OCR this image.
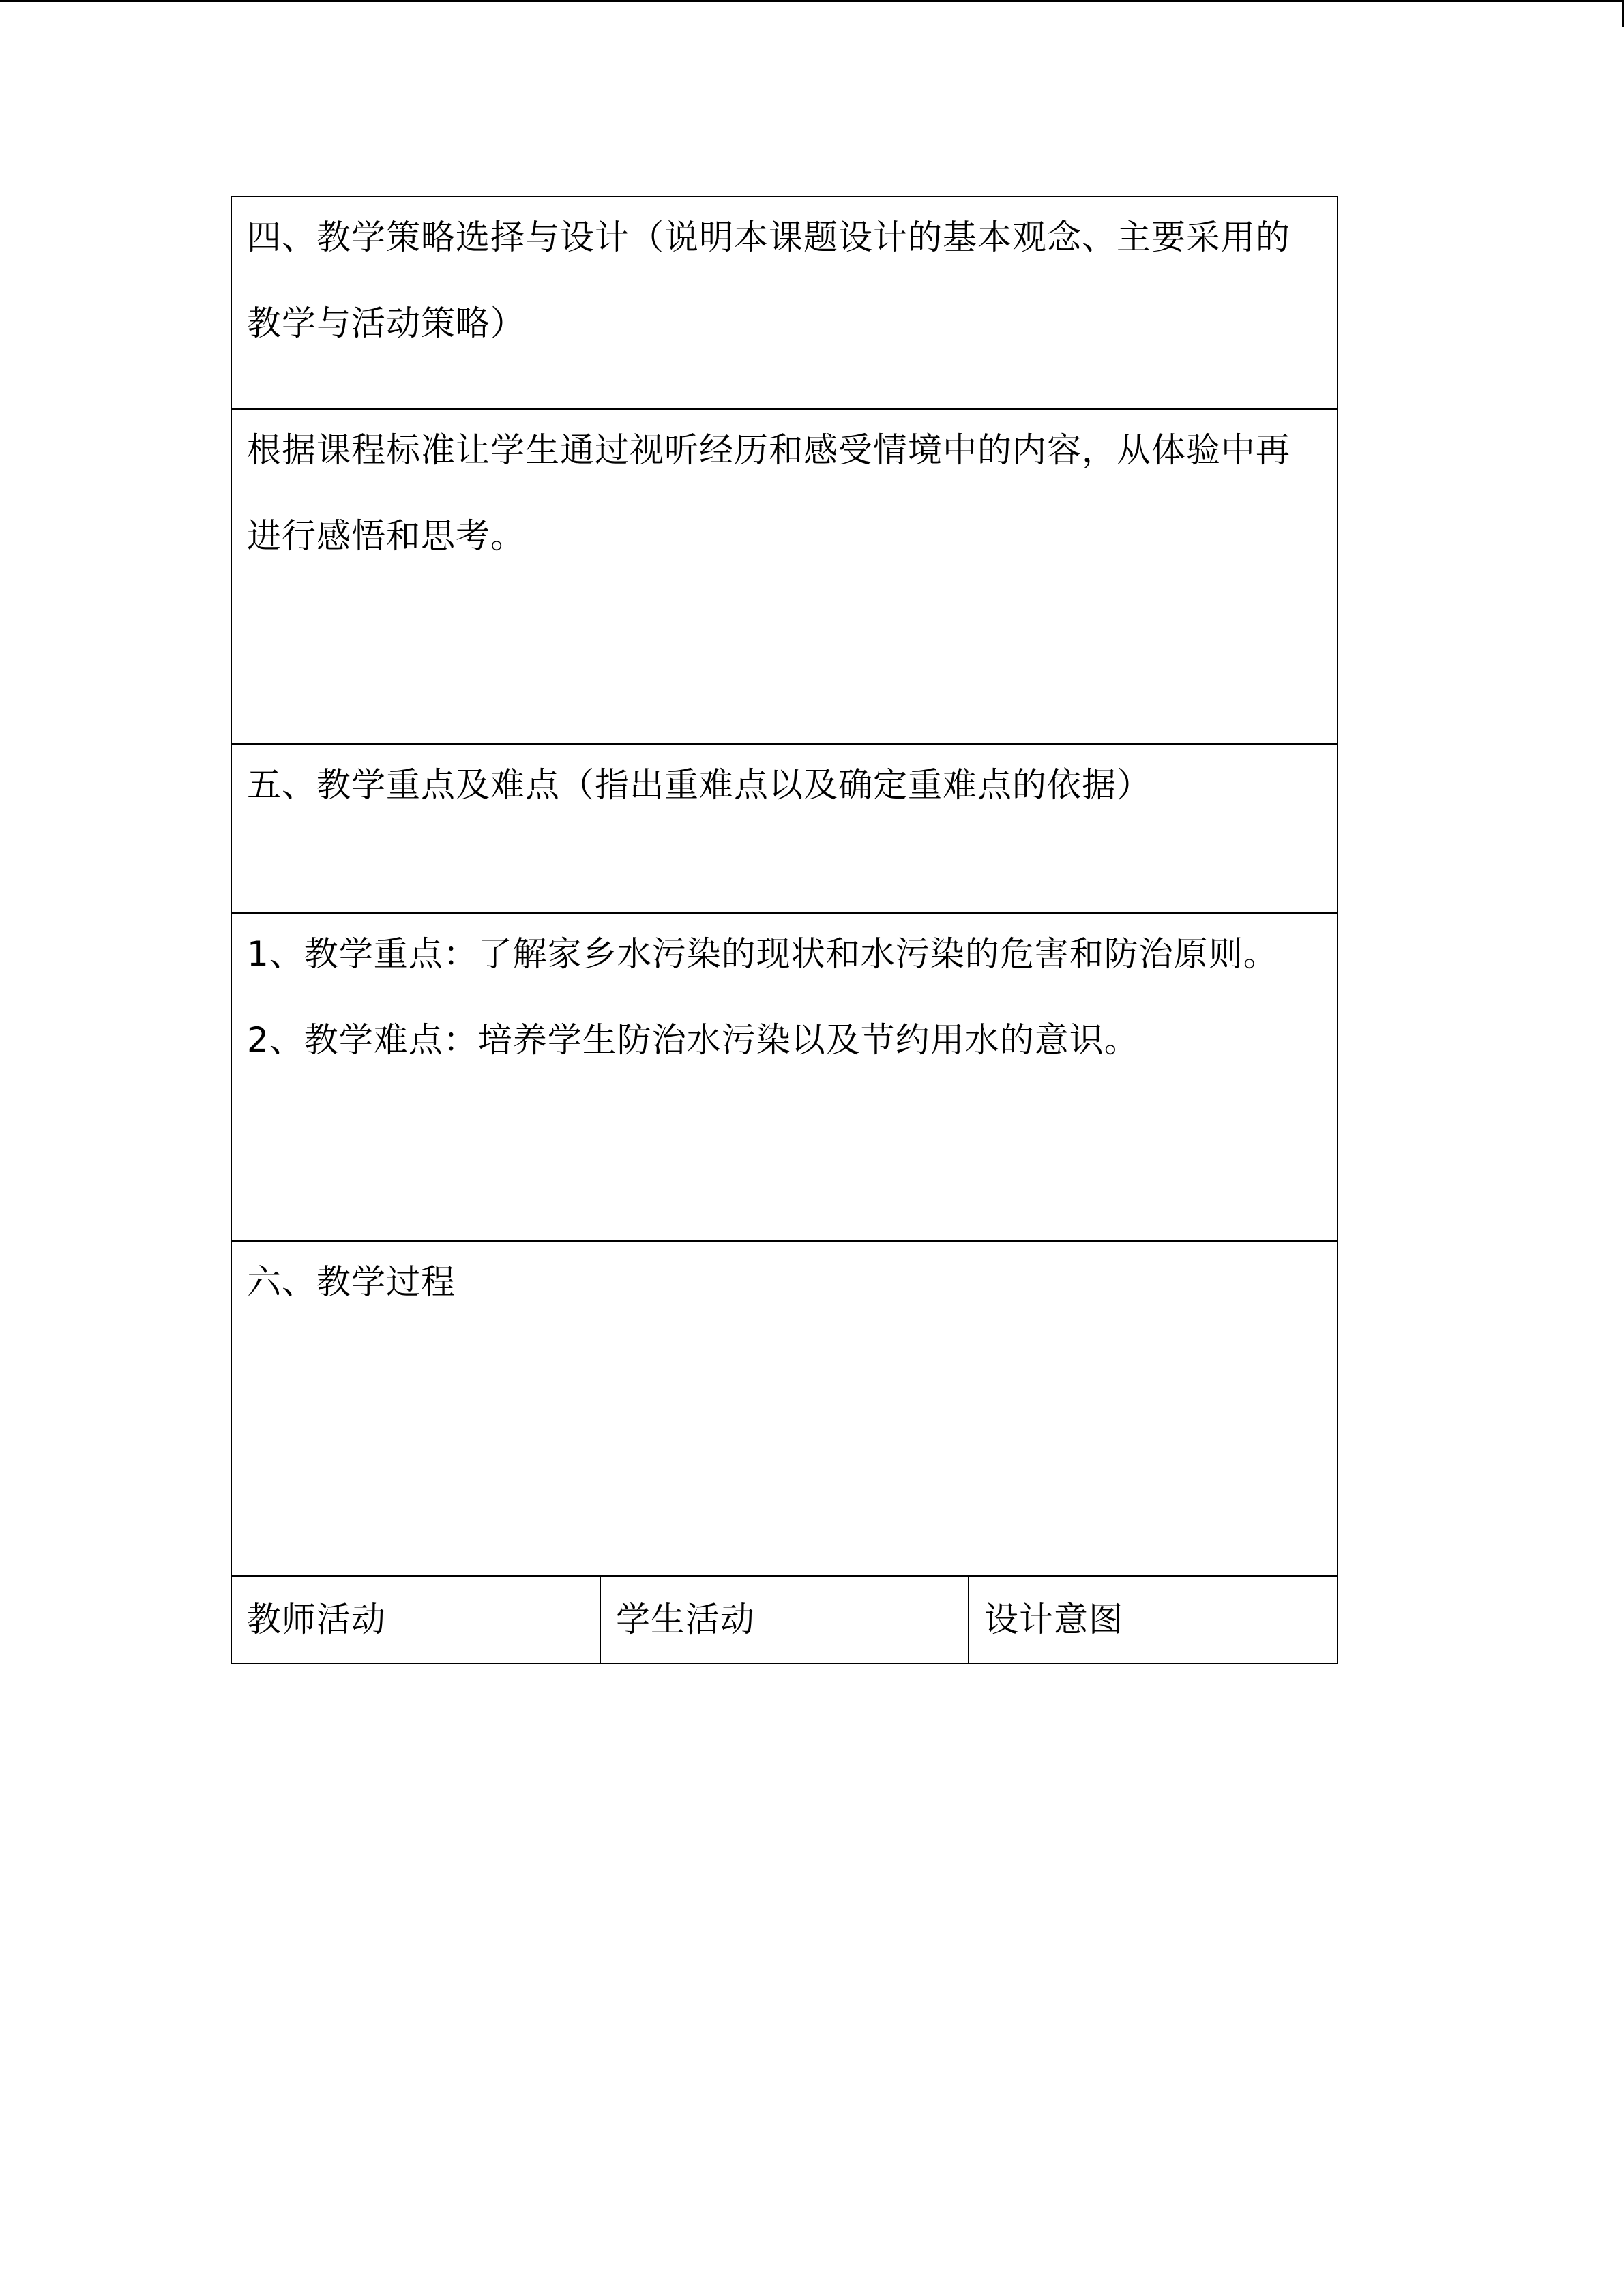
四、教学策略选择与设计（说明本课题设计的基本观念、主要采用的教学与活动策略）

根据课程标准让学生通过视听经历和感受情境中的内容，从体验中再进行感悟和思考。

五、教学重点及难点（指出重难点以及确定重难点的依据）

1、教学重点：了解家乡水污染的现状和水污染的危害和防治原则。

2、教学难点：培养学生防治水污染以及节约用水的意识。

六、教学过程

教师活动	学生活动	设计意图
